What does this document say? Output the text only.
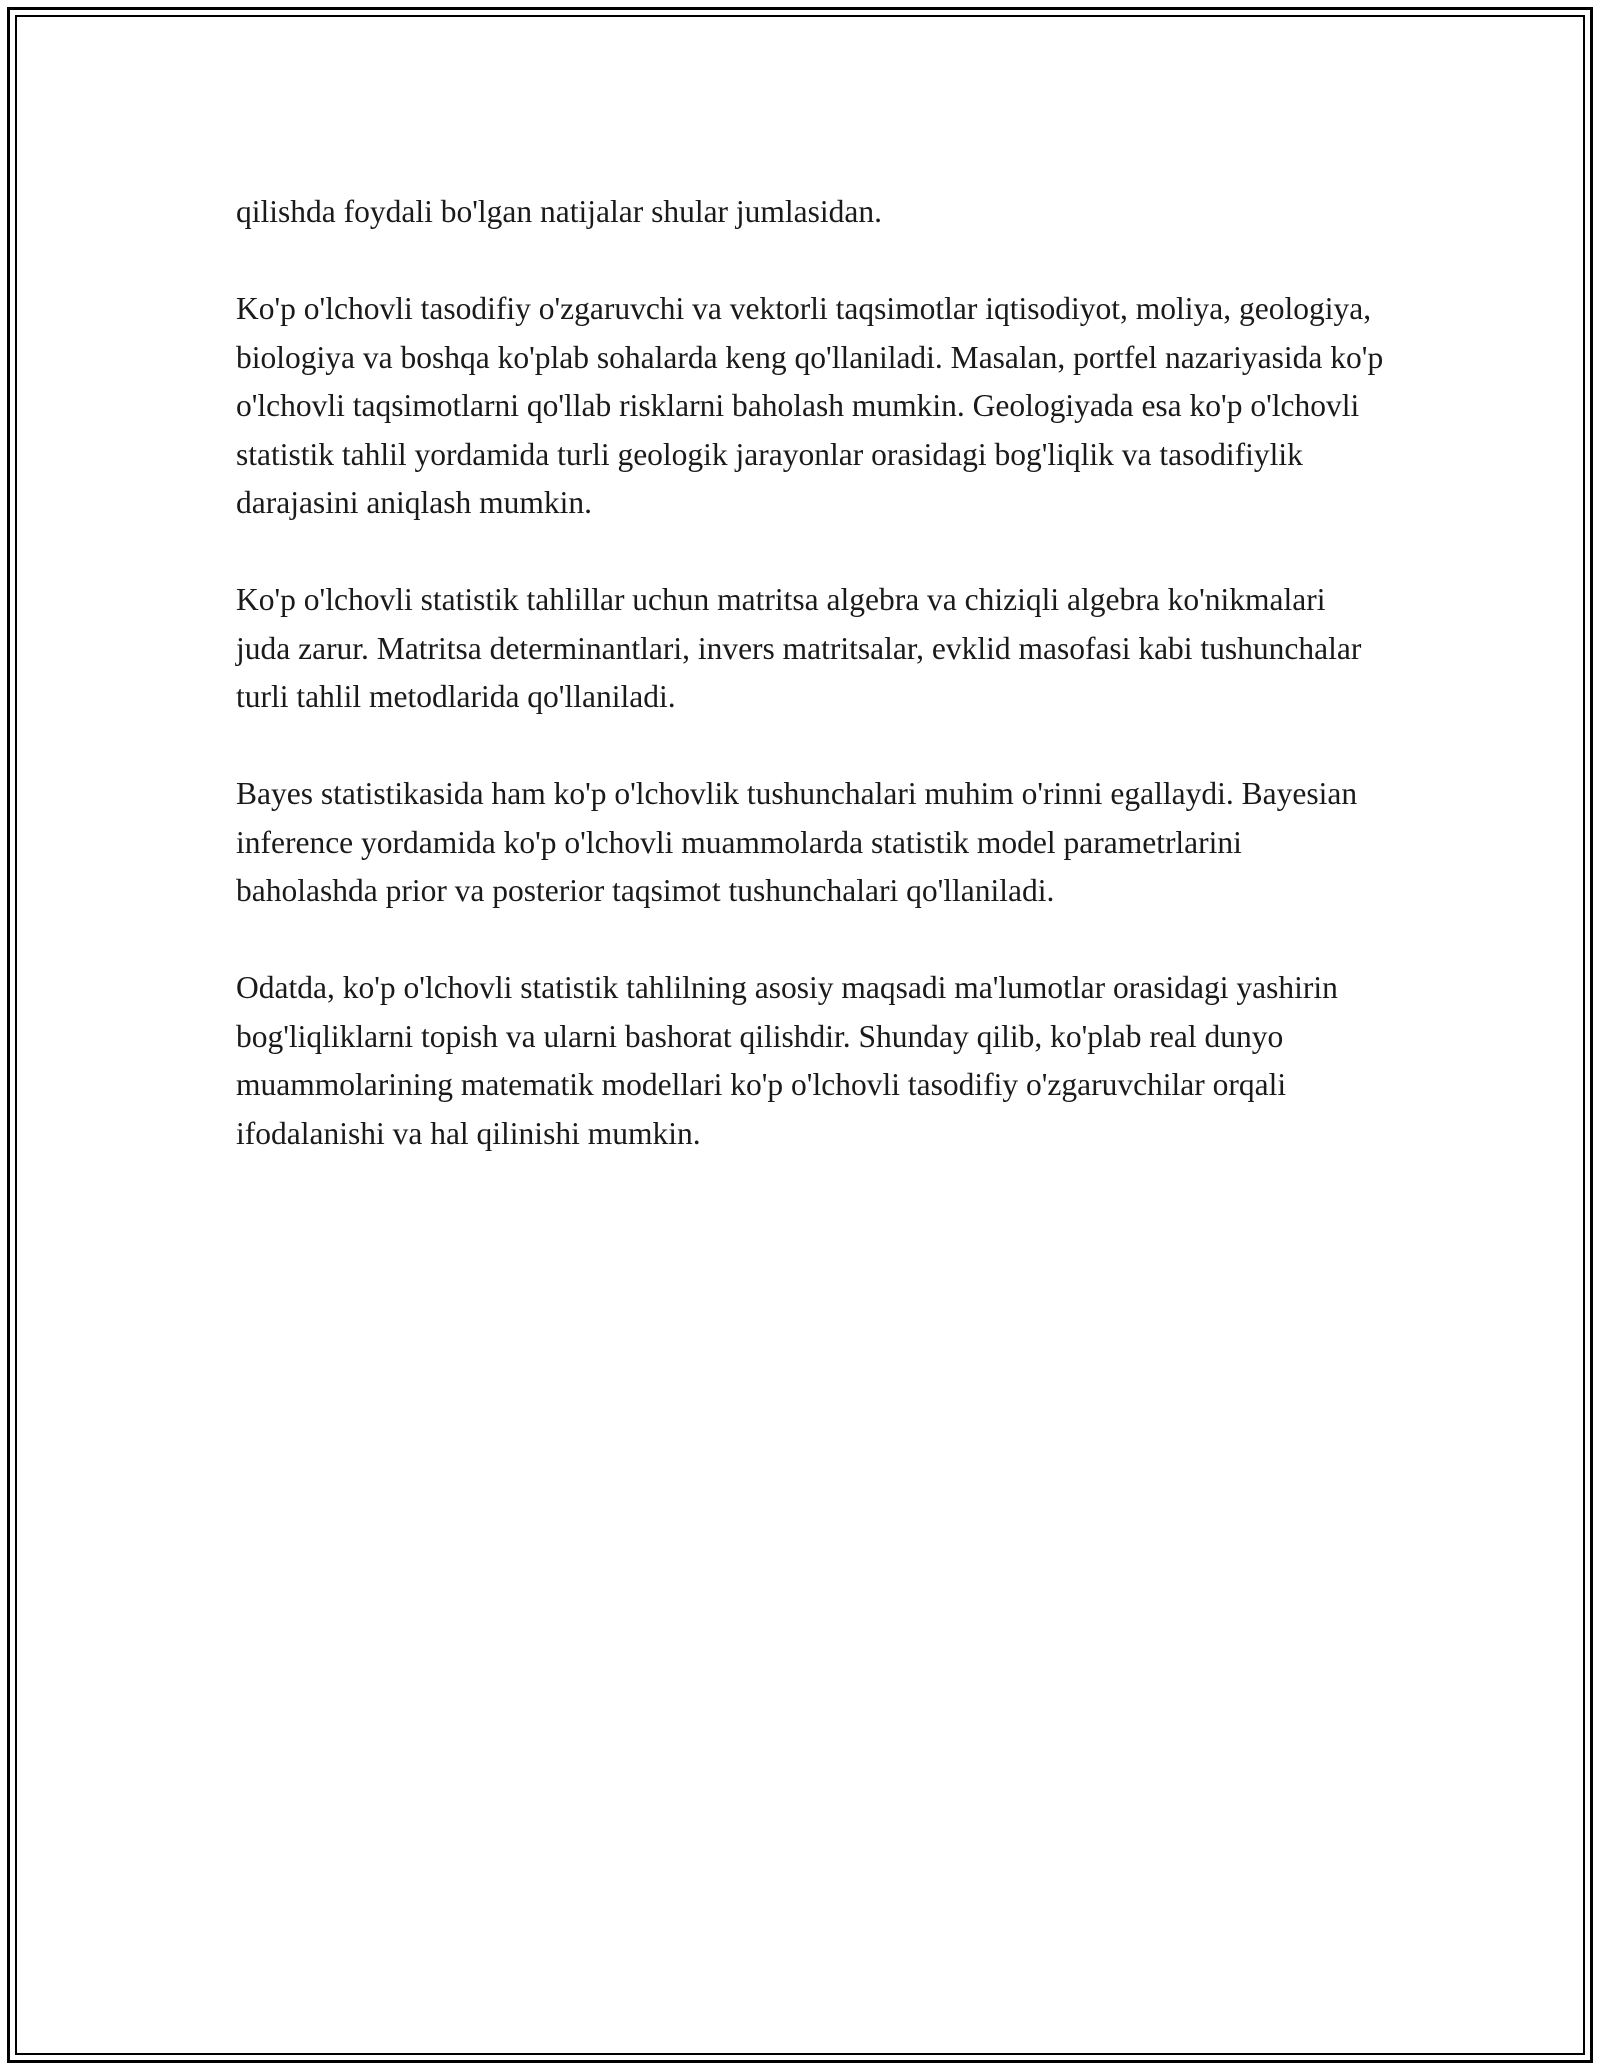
qilishda foydali bo'lgan natijalar shular jumlasidan.

Ko'p o'lchovli tasodifiy o'zgaruvchi va vektorli taqsimotlar iqtisodiyot, moliya, geologiya, biologiya va boshqa ko'plab sohalarda keng qo'llaniladi. Masalan, portfel nazariyasida ko'p o'lchovli taqsimotlarni qo'llab risklarni baholash mumkin. Geologiyada esa ko'p o'lchovli statistik tahlil yordamida turli geologik jarayonlar orasidagi bog'liqlik va tasodifiylik darajasini aniqlash mumkin.

Ko'p o'lchovli statistik tahlillar uchun matritsa algebra va chiziqli algebra ko'nikmalari juda zarur. Matritsa determinantlari, invers matritsalar, evklid masofasi kabi tushunchalar turli tahlil metodlarida qo'llaniladi.

Bayes statistikasida ham ko'p o'lchovlik tushunchalari muhim o'rinni egallaydi. Bayesian inference yordamida ko'p o'lchovli muammolarda statistik model parametrlarini baholashda prior va posterior taqsimot tushunchalari qo'llaniladi.

Odatda, ko'p o'lchovli statistik tahlilning asosiy maqsadi ma'lumotlar orasidagi yashirin bog'liqliklarni topish va ularni bashorat qilishdir. Shunday qilib, ko'plab real dunyo muammolarining matematik modellari ko'p o'lchovli tasodifiy o'zgaruvchilar orqali ifodalanishi va hal qilinishi mumkin.
